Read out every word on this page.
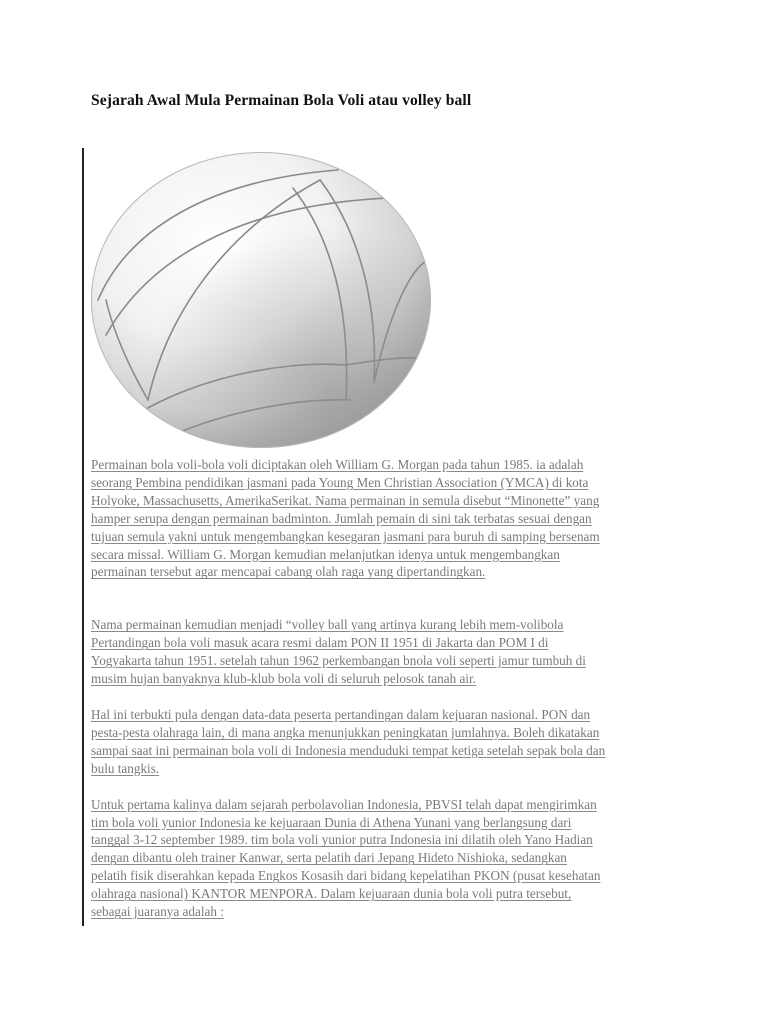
Sejarah Awal Mula Permainan Bola Voli atau volley ball

Permainan bola voli-bola voli diciptakan oleh William G. Morgan pada tahun 1985. ia adalah
seorang Pembina pendidikan jasmani pada Young Men Christian Association (YMCA) di kota
Holyoke, Massachusetts, AmerikaSerikat. Nama permainan in semula disebut “Minonette” yang
hamper serupa dengan permainan badminton. Jumlah pemain di sini tak terbatas sesuai dengan
tujuan semula yakni untuk mengembangkan kesegaran jasmani para buruh di samping bersenam
secara missal. William G. Morgan kemudian melanjutkan idenya untuk mengembangkan
permainan tersebut agar mencapai cabang olah raga yang dipertandingkan.

Nama permainan kemudian menjadi “volley ball yang artinya kurang lebih mem-volibola
Pertandingan bola voli masuk acara resmi dalam PON II 1951 di Jakarta dan POM I di
Yogyakarta tahun 1951. setelah tahun 1962 perkembangan bnola voli seperti jamur tumbuh di
musim hujan banyaknya klub-klub bola voli di seluruh pelosok tanah air.

Hal ini terbukti pula dengan data-data peserta pertandingan dalam kejuaran nasional. PON dan
pesta-pesta olahraga lain, di mana angka menunjukkan peningkatan jumlahnya. Boleh dikatakan
sampai saat ini permainan bola voli di Indonesia menduduki tempat ketiga setelah sepak bola dan
bulu tangkis.

Untuk pertama kalinya dalam sejarah perbolavolian Indonesia, PBVSI telah dapat mengirimkan
tim bola voli yunior Indonesia ke kejuaraan Dunia di Athena Yunani yang berlangsung dari
tanggal 3-12 september 1989. tim bola voli yunior putra Indonesia ini dilatih oleh Yano Hadian
dengan dibantu oleh trainer Kanwar, serta pelatih dari Jepang Hideto Nishioka, sedangkan
pelatih fisik diserahkan kepada Engkos Kosasih dari bidang kepelatihan PKON (pusat kesehatan
olahraga nasional) KANTOR MENPORA. Dalam kejuaraan dunia bola voli putra tersebut,
sebagai juaranya adalah :
